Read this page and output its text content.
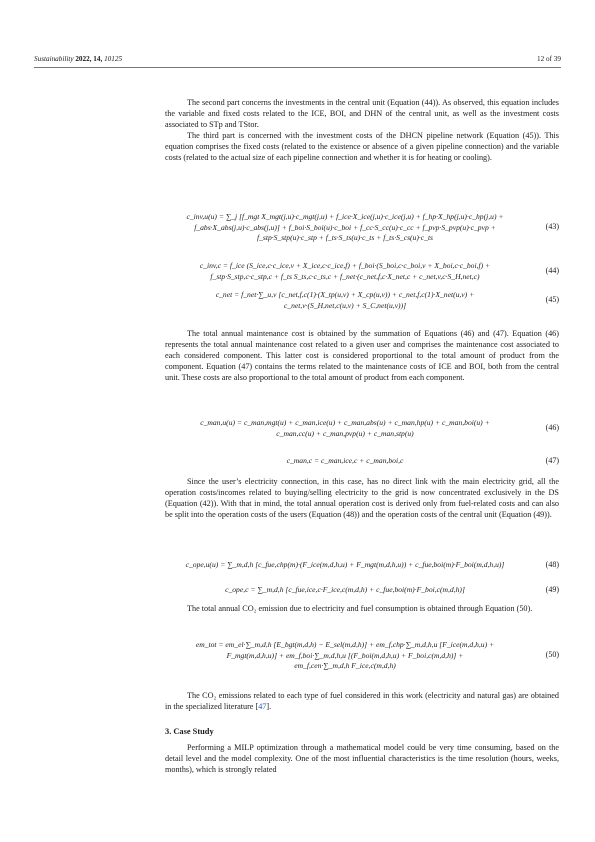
Sustainability 2022, 14, 10125	12 of 39

The second part concerns the investments in the central unit (Equation (44)). As observed, this equation includes the variable and fixed costs related to the ICE, BOI, and DHN of the central unit, as well as the investment costs associated to STp and TStor.

The third part is concerned with the investment costs of the DHCN pipeline network (Equation (45)). This equation comprises the fixed costs (related to the existence or absence of a given pipeline connection) and the variable costs (related to the actual size of each pipeline connection and whether it is for heating or cooling).

c_inv,u(u) = ∑_j [f_mgt X_mgt(j,u)·c_mgt(j,u) + f_ice·X_ice(j,u)·c_ice(j,u) + f_hp·X_hp(j,u)·c_hp(j,u) +
f_abs·X_abs(j,u)·c_abs(j,u)] + f_boi·S_boi(u)·c_boi + f_cc·S_cc(u)·c_cc + f_pvp·S_pvp(u)·c_pvp +
f_stp·S_stp(u)·c_stp + f_ts·S_ts(u)·c_ts + f_ts·S_cs(u)·c_ts
(43)
c_inv,c = f_ice (S_ice,c·c_ice,v + X_ice,c·c_ice,f) + f_boi·(S_boi,c·c_boi,v + X_boi,c·c_boi,f) +
f_stp·S_stp,c·c_stp,c + f_ts S_ts,c·c_ts,c + f_net·(c_net,f,c·X_net,c + c_net,v,c·S_H,net,c)
(44)
c_net = f_net·∑_u,v [c_net,f,c(1)·(X_tp(u,v) + X_cp(u,v)) + c_net,f,c(1)·X_net(u,v) +
c_net,v·(S_H,net,c(u,v) + S_C,net(u,v))]
(45)

The total annual maintenance cost is obtained by the summation of Equations (46) and (47). Equation (46) represents the total annual maintenance cost related to a given user and comprises the maintenance cost associated to each considered component. This latter cost is considered proportional to the total amount of product from the component. Equation (47) contains the terms related to the maintenance costs of ICE and BOI, both from the central unit. These costs are also proportional to the total amount of product from each component.

c_man,u(u) = c_man,mgt(u) + c_man,ice(u) + c_man,abs(u) + c_man,hp(u) + c_man,boi(u) +
c_man,cc(u) + c_man,pvp(u) + c_man,stp(u)
(46)
c_man,c = c_man,ice,c + c_man,boi,c	(47)

Since the user’s electricity connection, in this case, has no direct link with the main electricity grid, all the operation costs/incomes related to buying/selling electricity to the grid is now concentrated exclusively in the DS (Equation (42)). With that in mind, the total annual operation cost is derived only from fuel-related costs and can also be split into the operation costs of the users (Equation (48)) and the operation costs of the central unit (Equation (49)).

c_ope,u(u) = ∑_m,d,h [c_fue,chp(m)·(F_ice(m,d,h,u) + F_mgt(m,d,h,u)) + c_fue,boi(m)·F_boi(m,d,h,u)]	(48)
c_ope,c = ∑_m,d,h [c_fue,ice,c·F_ice,c(m,d,h) + c_fue,boi(m)·F_boi,c(m,d,h)]	(49)

The total annual CO₂ emission due to electricity and fuel consumption is obtained through Equation (50).

em_tot = em_el·∑_m,d,h [E_bgt(m,d,h) − E_sel(m,d,h)] + em_f,chp·∑_m,d,h,u [F_ice(m,d,h,u) +
F_mgt(m,d,h,u)] + em_f,boi·∑_m,d,h,u [(F_boi(m,d,h,u) + F_boi,c(m,d,h)] +
em_f,cen·∑_m,d,h F_ice,c(m,d,h)
(50)

The CO₂ emissions related to each type of fuel considered in this work (electricity and natural gas) are obtained in the specialized literature [47].

3. Case Study

Performing a MILP optimization through a mathematical model could be very time consuming, based on the detail level and the model complexity. One of the most influential characteristics is the time resolution (hours, weeks, months), which is strongly related
